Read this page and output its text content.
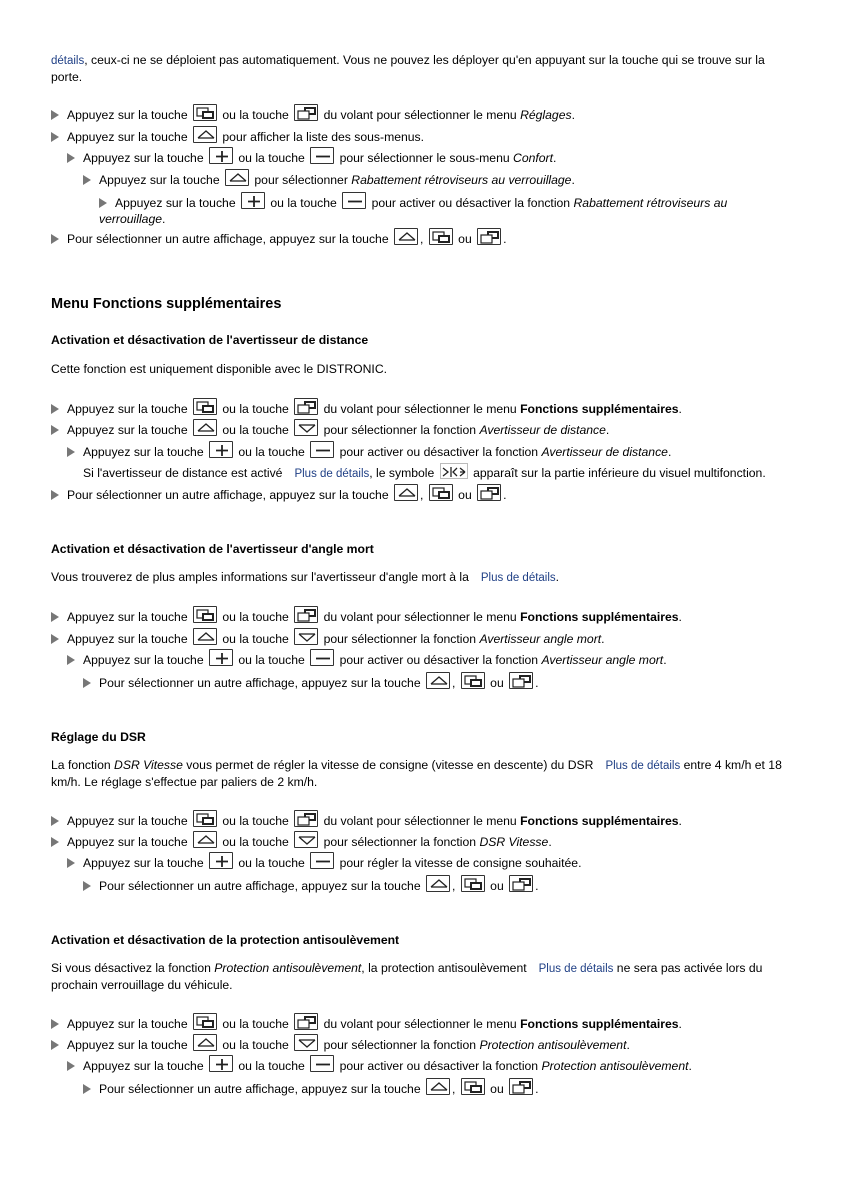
détails, ceux-ci ne se déploient pas automatiquement. Vous ne pouvez les déployer qu'en appuyant sur la touche qui se trouve sur la porte.
Appuyez sur la touche	ou la touche	du volant pour sélectionner le menu Réglages.
Appuyez sur la touche	pour afficher la liste des sous-menus.
Appuyez sur la touche	ou la touche	pour sélectionner le sous-menu Confort.
Appuyez sur la touche	pour sélectionner Rabattement rétroviseurs au verrouillage.
Appuyez sur la touche	ou la touche	pour activer ou désactiver la fonction Rabattement rétroviseurs au verrouillage.
Pour sélectionner un autre affichage, appuyez sur la touche	,	ou	.
Menu Fonctions supplémentaires
Activation et désactivation de l'avertisseur de distance
Cette fonction est uniquement disponible avec le DISTRONIC.
Appuyez sur la touche	ou la touche	du volant pour sélectionner le menu Fonctions supplémentaires.
Appuyez sur la touche	ou la touche	pour sélectionner la fonction Avertisseur de distance.
Appuyez sur la touche	ou la touche	pour activer ou désactiver la fonction Avertisseur de distance.
Si l'avertisseur de distance est activé Plus de détails, le symbole	apparaît sur la partie inférieure du visuel multifonction.
Pour sélectionner un autre affichage, appuyez sur la touche	,	ou	.
Activation et désactivation de l'avertisseur d'angle mort
Vous trouverez de plus amples informations sur l'avertisseur d'angle mort à la Plus de détails.
Appuyez sur la touche	ou la touche	du volant pour sélectionner le menu Fonctions supplémentaires.
Appuyez sur la touche	ou la touche	pour sélectionner la fonction Avertisseur angle mort.
Appuyez sur la touche	ou la touche	pour activer ou désactiver la fonction Avertisseur angle mort.
Pour sélectionner un autre affichage, appuyez sur la touche	,	ou	.
Réglage du DSR
La fonction DSR Vitesse vous permet de régler la vitesse de consigne (vitesse en descente) du DSR Plus de détails entre 4 km/h et 18 km/h. Le réglage s'effectue par paliers de 2 km/h.
Appuyez sur la touche	ou la touche	du volant pour sélectionner le menu Fonctions supplémentaires.
Appuyez sur la touche	ou la touche	pour sélectionner la fonction DSR Vitesse.
Appuyez sur la touche	ou la touche	pour régler la vitesse de consigne souhaitée.
Pour sélectionner un autre affichage, appuyez sur la touche	,	ou	.
Activation et désactivation de la protection antisoulèvement
Si vous désactivez la fonction Protection antisoulèvement, la protection antisoulèvement Plus de détails ne sera pas activée lors du prochain verrouillage du véhicule.
Appuyez sur la touche	ou la touche	du volant pour sélectionner le menu Fonctions supplémentaires.
Appuyez sur la touche	ou la touche	pour sélectionner la fonction Protection antisoulèvement.
Appuyez sur la touche	ou la touche	pour activer ou désactiver la fonction Protection antisoulèvement.
Pour sélectionner un autre affichage, appuyez sur la touche	,	ou	.
